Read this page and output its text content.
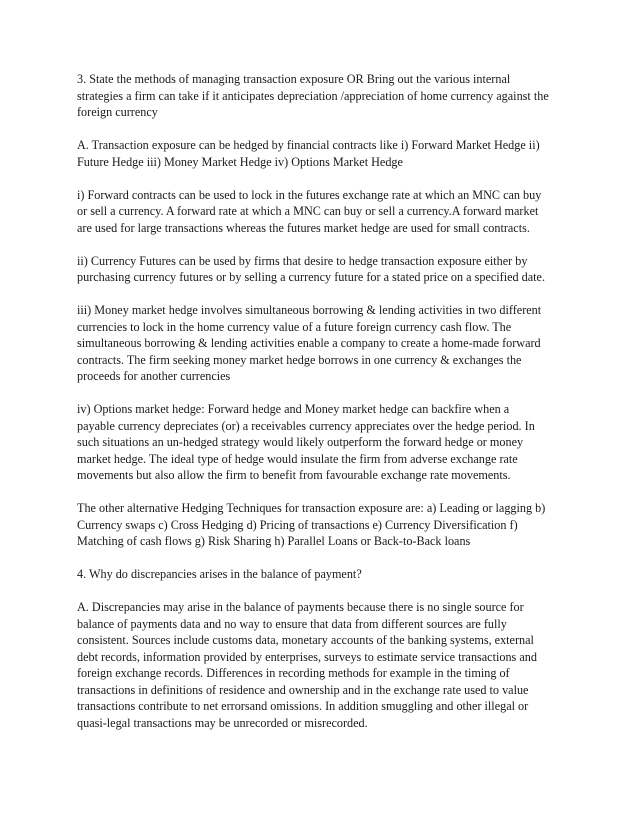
3. State the methods of managing transaction exposure OR Bring out the various internal
strategies a firm can take if it anticipates depreciation /appreciation of home currency against the
foreign currency
A. Transaction exposure can be hedged by financial contracts like i) Forward Market Hedge ii)
Future Hedge iii) Money Market Hedge iv) Options Market Hedge
i) Forward contracts can be used to lock in the futures exchange rate at which an MNC can buy
or sell a currency. A forward rate at which a MNC can buy or sell a currency.A forward market
are used for large transactions whereas the futures market hedge are used for small contracts.
ii) Currency Futures can be used by firms that desire to hedge transaction exposure either by
purchasing currency futures or by selling a currency future for a stated price on a specified date.
iii) Money market hedge involves simultaneous borrowing & lending activities in two different
currencies to lock in the home currency value of a future foreign currency cash flow. The
simultaneous borrowing & lending activities enable a company to create a home-made forward
contracts. The firm seeking money market hedge borrows in one currency & exchanges the
proceeds for another currencies
iv) Options market hedge: Forward hedge and Money market hedge can backfire when a
payable currency depreciates (or) a receivables currency appreciates over the hedge period. In
such situations an un-hedged strategy would likely outperform the forward hedge or money
market hedge. The ideal type of hedge would insulate the firm from adverse exchange rate
movements but also allow the firm to benefit from favourable exchange rate movements.
The other alternative Hedging Techniques for transaction exposure are: a) Leading or lagging b)
Currency swaps c) Cross Hedging d) Pricing of transactions e) Currency Diversification f)
Matching of cash flows g) Risk Sharing h) Parallel Loans or Back-to-Back loans
4. Why do discrepancies arises in the balance of payment?
A. Discrepancies may arise in the balance of payments because there is no single source for
balance of payments data and no way to ensure that data from different sources are fully
consistent. Sources include customs data, monetary accounts of the banking systems, external
debt records, information provided by enterprises, surveys to estimate service transactions and
foreign exchange records. Differences in recording methods for example in the timing of
transactions in definitions of residence and ownership and in the exchange rate used to value
transactions contribute to net errorsand omissions. In addition smuggling and other illegal or
quasi-legal transactions may be unrecorded or misrecorded.
